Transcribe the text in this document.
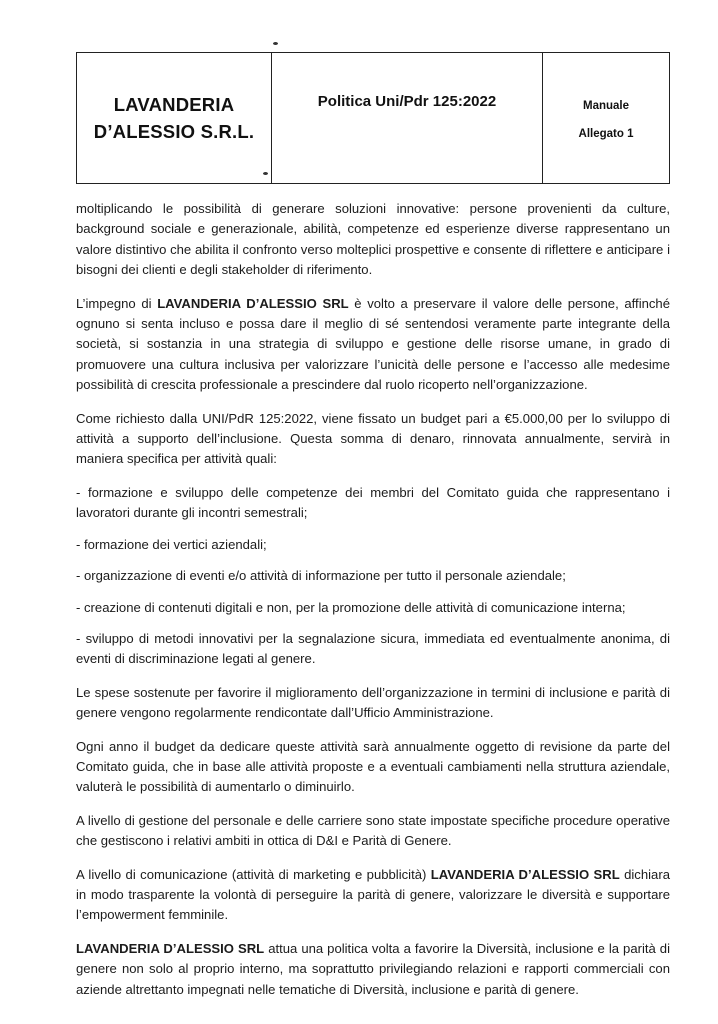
LAVANDERIA
D’ALESSIO S.R.L.
Politica Uni/Pdr 125:2022	Manuale
Allegato 1

moltiplicando le possibilità di generare soluzioni innovative: persone provenienti da culture, background sociale e generazionale, abilità, competenze ed esperienze diverse rappresentano un valore distintivo che abilita il confronto verso molteplici prospettive e consente di riflettere e anticipare i bisogni dei clienti e degli stakeholder di riferimento.

L’impegno di LAVANDERIA D’ALESSIO SRL è volto a preservare il valore delle persone, affinché ognuno si senta incluso e possa dare il meglio di sé sentendosi veramente parte integrante della società, si sostanzia in una strategia di sviluppo e gestione delle risorse umane, in grado di promuovere una cultura inclusiva per valorizzare l’unicità delle persone e l’accesso alle medesime possibilità di crescita professionale a prescindere dal ruolo ricoperto nell’organizzazione.

Come richiesto dalla UNI/PdR 125:2022, viene fissato un budget pari a €5.000,00 per lo sviluppo di attività a supporto dell’inclusione. Questa somma di denaro, rinnovata annualmente, servirà in maniera specifica per attività quali:

- formazione e sviluppo delle competenze dei membri del Comitato guida che rappresentano i lavoratori durante gli incontri semestrali;

- formazione dei vertici aziendali;

- organizzazione di eventi e/o attività di informazione per tutto il personale aziendale;

- creazione di contenuti digitali e non, per la promozione delle attività di comunicazione interna;

- sviluppo di metodi innovativi per la segnalazione sicura, immediata ed eventualmente anonima, di eventi di discriminazione legati al genere.

Le spese sostenute per favorire il miglioramento dell’organizzazione in termini di inclusione e parità di genere vengono regolarmente rendicontate dall’Ufficio Amministrazione.

Ogni anno il budget da dedicare queste attività sarà annualmente oggetto di revisione da parte del Comitato guida, che in base alle attività proposte e a eventuali cambiamenti nella struttura aziendale, valuterà le possibilità di aumentarlo o diminuirlo.

A livello di gestione del personale e delle carriere sono state impostate specifiche procedure operative che gestiscono i relativi ambiti in ottica di D&I e Parità di Genere.

A livello di comunicazione (attività di marketing e pubblicità) LAVANDERIA D’ALESSIO SRL dichiara in modo trasparente la volontà di perseguire la parità di genere, valorizzare le diversità e supportare l’empowerment femminile.

LAVANDERIA D’ALESSIO SRL attua una politica volta a favorire la Diversità, inclusione e la parità di genere non solo al proprio interno, ma soprattutto privilegiando relazioni e rapporti commerciali con aziende altrettanto impegnati nelle tematiche di Diversità, inclusione e parità di genere.
